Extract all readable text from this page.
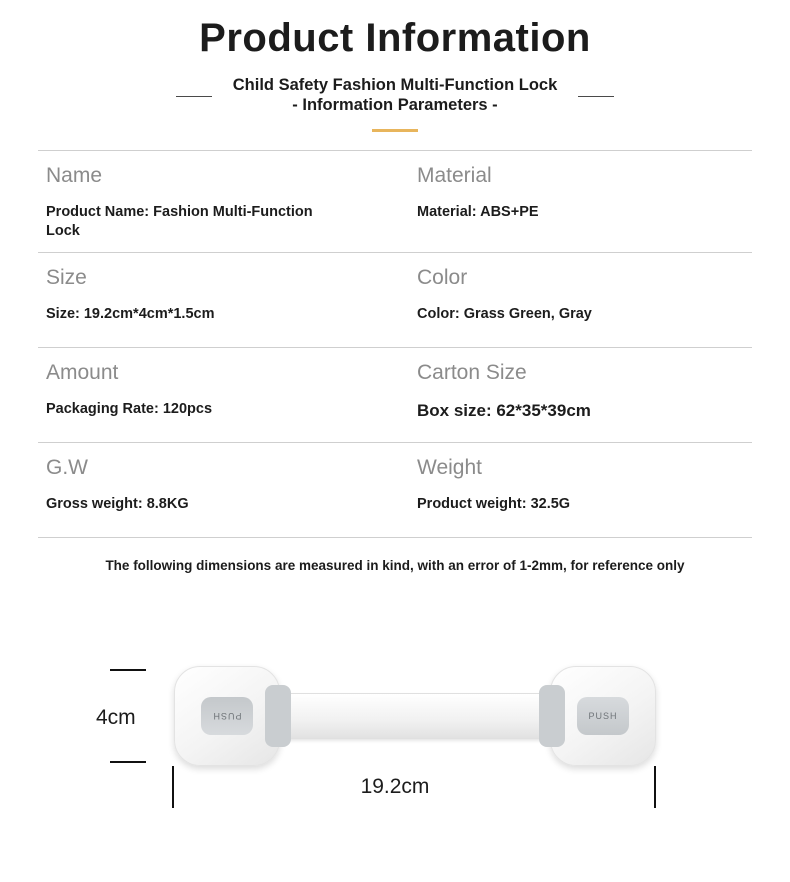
Product Information
Child Safety Fashion Multi-Function Lock
- Information Parameters -
Name
Product Name: Fashion Multi-Function Lock
Material
Material: ABS+PE
Size
Size: 19.2cm*4cm*1.5cm
Color
Color: Grass Green, Gray
Amount
Packaging Rate: 120pcs
Carton Size
Box size: 62*35*39cm
G.W
Gross weight: 8.8KG
Weight
Product weight: 32.5G
The following dimensions are measured in kind, with an error of 1-2mm, for reference only
4cm	PUSH	PUSH
19.2cm
